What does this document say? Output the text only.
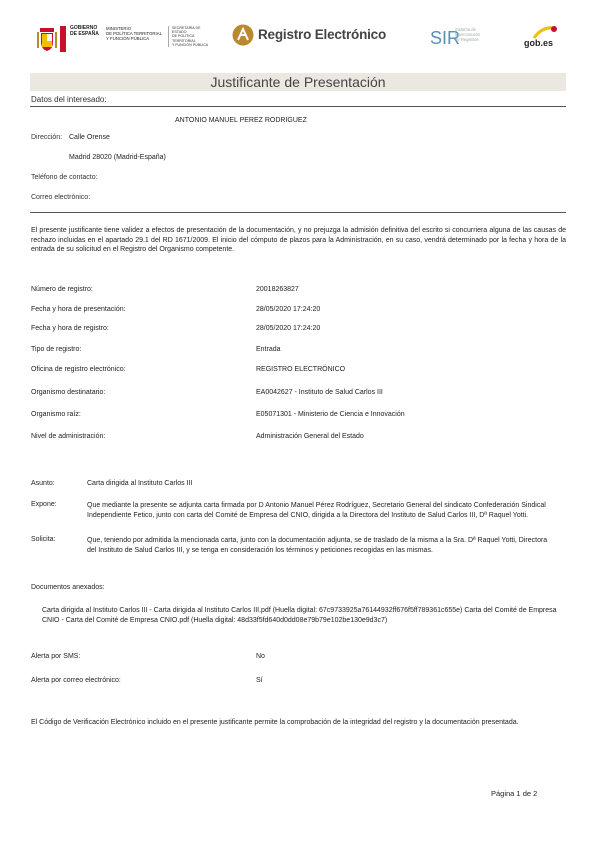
GOBIERNO
DE ESPAÑA
MINISTERIO
DE POLÍTICA TERRITORIAL
Y FUNCIÓN PÚBLICA
SECRETARÍA DE ESTADO
DE POLÍTICA TERRITORIAL
Y FUNCIÓN PÚBLICA
Registro Electrónico SIR
Sistema de
Interconexión
de Registros	gob.es
Justificante de Presentación
Datos del interesado:
ANTONIO MANUEL PEREZ RODRIGUEZ
Dirección: Calle Orense
Madrid 28020 (Madrid-España)
Teléfono de contacto:
Correo electrónico:
El presente justificante tiene validez a efectos de presentación de la documentación, y no prejuzga la admisión definitiva del escrito si concurriera alguna de las causas de rechazo incluidas en el apartado 29.1 del RD 1671/2009. El inicio del cómputo de plazos para la Administración, en su caso, vendrá determinado por la fecha y hora de la entrada de su solicitud en el Registro del Organismo competente.
Número de registro:	20018263827
Fecha y hora de presentación:	28/05/2020 17:24:20
Fecha y hora de registro:	28/05/2020 17:24:20
Tipo de registro:	Entrada
Oficina de registro electrónico:	REGISTRO ELECTRÓNICO
Organismo destinatario:	EA0042627 - Instituto de Salud Carlos III
Organismo raíz:	E05071301 - Ministerio de Ciencia e Innovación
Nivel de administración:	Administración General del Estado
Asunto:	Carta dirigida al Instituto Carlos III
Expone:	Que mediante la presente se adjunta carta firmada por D Antonio Manuel Pérez Rodríguez, Secretario General del sindicato Confederación Sindical Independiente Fetico, junto con carta del Comité de Empresa del CNIO, dirigida a la Directora del Instituto de Salud Carlos III, Dª Raquel Yotti.
Solicita:	Que, teniendo por admitida la mencionada carta, junto con la documentación adjunta, se de traslado de la misma a la Sra. Dª Raquel Yotti, Directora del Instituto de Salud Carlos III, y se tenga en consideración los términos y peticiones recogidas en las mismas.
Documentos anexados:
Carta dirigida al Instituto Carlos III - Carta dirigida al Instituto Carlos III.pdf (Huella digital: 67c9733925a76144932ff676f5ff789361c655e) Carta del Comité de Empresa CNIO - Carta del Comité de Empresa CNIO.pdf (Huella digital: 48d33f5fd640d0dd08e79b79e102be130e9d3c7)
Alerta por SMS:	No
Alerta por correo electrónico:	Sí
El Código de Verificación Electrónico incluido en el presente justificante permite la comprobación de la integridad del registro y la documentación presentada.
Página 1 de 2
